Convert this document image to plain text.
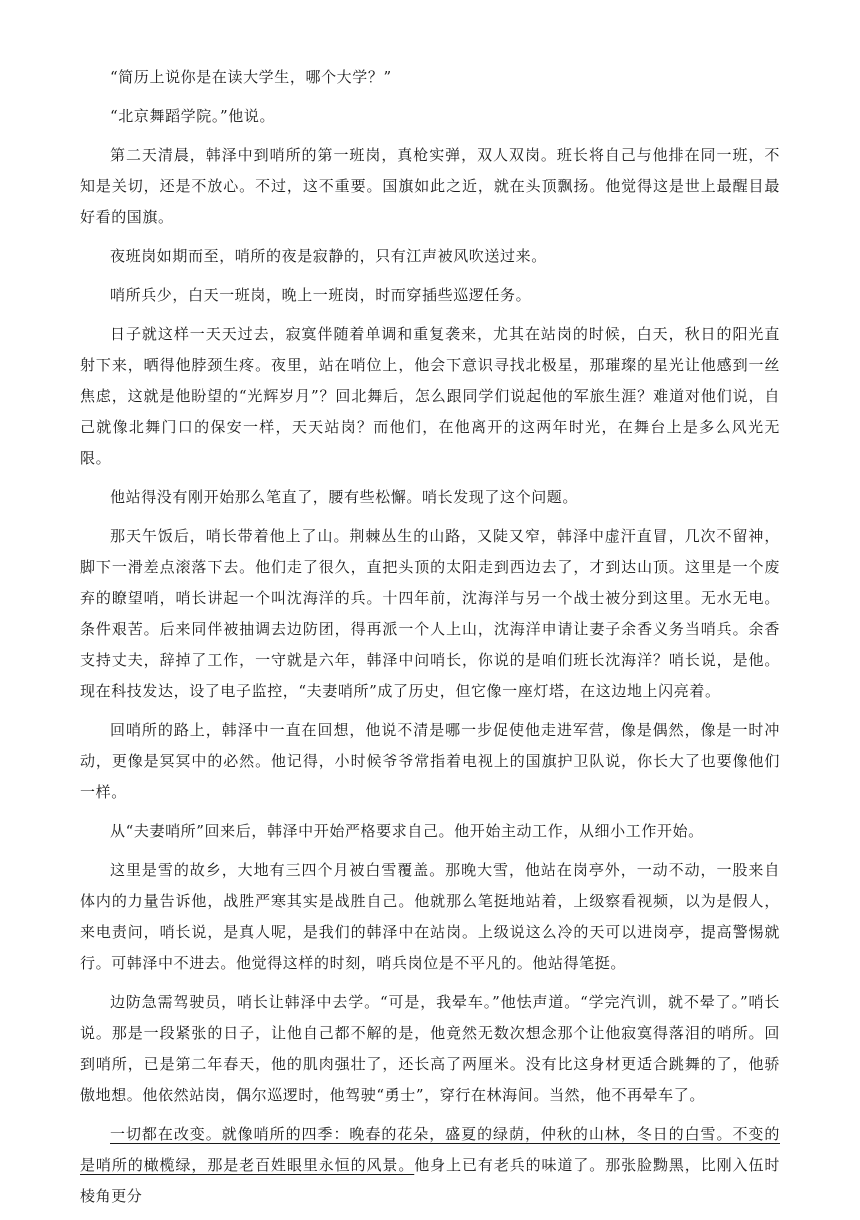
“简历上说你是在读大学生，哪个大学？”

“北京舞蹈学院。”他说。

第二天清晨，韩泽中到哨所的第一班岗，真枪实弹，双人双岗。班长将自己与他排在同一班，不知是关切，还是不放心。不过，这不重要。国旗如此之近，就在头顶飘扬。他觉得这是世上最醒目最好看的国旗。

夜班岗如期而至，哨所的夜是寂静的，只有江声被风吹送过来。

哨所兵少，白天一班岗，晚上一班岗，时而穿插些巡逻任务。

日子就这样一天天过去，寂寞伴随着单调和重复袭来，尤其在站岗的时候，白天，秋日的阳光直射下来，晒得他脖颈生疼。夜里，站在哨位上，他会下意识寻找北极星，那璀璨的星光让他感到一丝焦虑，这就是他盼望的“光辉岁月”？回北舞后，怎么跟同学们说起他的军旅生涯？难道对他们说，自己就像北舞门口的保安一样，天天站岗？而他们，在他离开的这两年时光，在舞台上是多么风光无限。

他站得没有刚开始那么笔直了，腰有些松懈。哨长发现了这个问题。

那天午饭后，哨长带着他上了山。荆棘丛生的山路，又陡又窄，韩泽中虚汗直冒，几次不留神，脚下一滑差点滚落下去。他们走了很久，直把头顶的太阳走到西边去了，才到达山顶。这里是一个废弃的瞭望哨，哨长讲起一个叫沈海洋的兵。十四年前，沈海洋与另一个战士被分到这里。无水无电。条件艰苦。后来同伴被抽调去边防团，得再派一个人上山，沈海洋申请让妻子余香义务当哨兵。余香支持丈夫，辞掉了工作，一守就是六年，韩泽中问哨长，你说的是咱们班长沈海洋？哨长说，是他。现在科技发达，设了电子监控，“夫妻哨所”成了历史，但它像一座灯塔，在这边地上闪亮着。

回哨所的路上，韩泽中一直在回想，他说不清是哪一步促使他走进军营，像是偶然，像是一时冲动，更像是冥冥中的必然。他记得，小时候爷爷常指着电视上的国旗护卫队说，你长大了也要像他们一样。

从“夫妻哨所”回来后，韩泽中开始严格要求自己。他开始主动工作，从细小工作开始。

这里是雪的故乡，大地有三四个月被白雪覆盖。那晚大雪，他站在岗亭外，一动不动，一股来自体内的力量告诉他，战胜严寒其实是战胜自己。他就那么笔挺地站着，上级察看视频，以为是假人，来电责问，哨长说，是真人呢，是我们的韩泽中在站岗。上级说这么冷的天可以进岗亭，提高警惕就行。可韩泽中不进去。他觉得这样的时刻，哨兵岗位是不平凡的。他站得笔挺。

边防急需驾驶员，哨长让韩泽中去学。“可是，我晕车。”他怯声道。“学完汽训，就不晕了。”哨长说。那是一段紧张的日子，让他自己都不解的是，他竟然无数次想念那个让他寂寞得落泪的哨所。回到哨所，已是第二年春天，他的肌肉强壮了，还长高了两厘米。没有比这身材更适合跳舞的了，他骄傲地想。他依然站岗，偶尔巡逻时，他驾驶“勇士”，穿行在林海间。当然，他不再晕车了。

一切都在改变。就像哨所的四季：晚春的花朵，盛夏的绿荫，仲秋的山林，冬日的白雪。不变的是哨所的橄榄绿，那是老百姓眼里永恒的风景。他身上已有老兵的味道了。那张脸黝黑，比刚入伍时棱角更分
